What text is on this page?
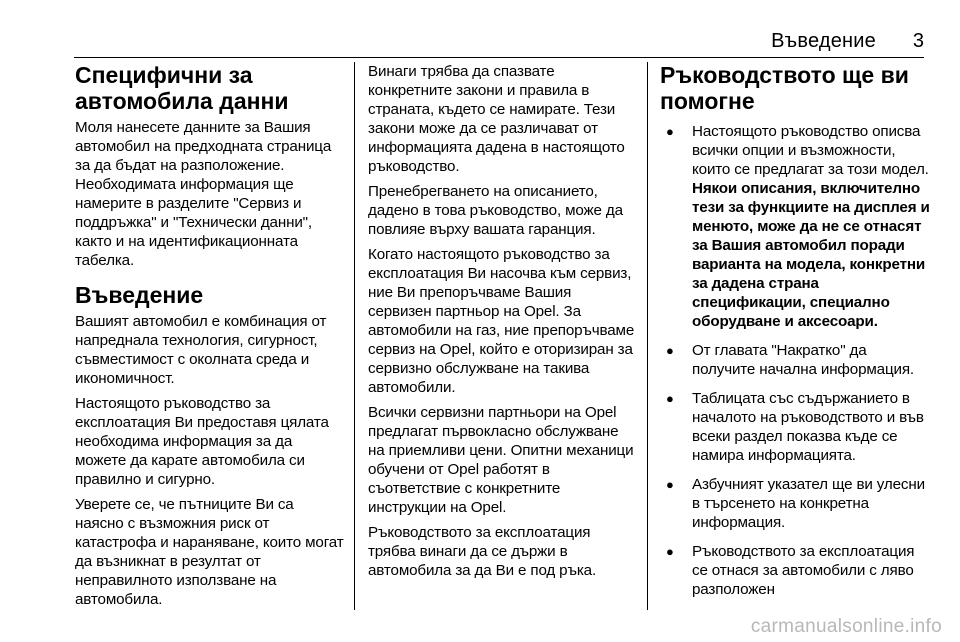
Въведение 3
Специфични за автомобила данни

Моля нанесете данните за Вашия автомобил на предходната страница за да бъдат на разположение. Необходимата информация ще намерите в разделите "Сервиз и поддръжка" и "Технически данни", както и на идентификационната табелка.

Въведение

Вашият автомобил е комбинация от напреднала технология, сигурност, съвместимост с околната среда и икономичност.

Настоящото ръководство за експлоатация Ви предоставя цялата необходима информация за да можете да карате автомобила си правилно и сигурно.

Уверете се, че пътниците Ви са наясно с възможния риск от катастрофа и нараняване, които могат да възникнат в резултат от неправилното използване на автомобила.

Винаги трябва да спазвате конкретните закони и правила в страната, където се намирате. Тези закони може да се различават от информацията дадена в настоящото ръководство.

Пренебрегването на описанието, дадено в това ръководство, може да повлияе върху вашата гаранция.

Когато настоящото ръководство за експлоатация Ви насочва към сервиз, ние Ви препоръчваме Вашия сервизен партньор на Opel. За автомобили на газ, ние препоръчваме сервиз на Opel, който е оторизиран за сервизно обслужване на такива автомобили.

Всички сервизни партньори на Opel предлагат първокласно обслужване на приемливи цени. Опитни механици обучени от Opel работят в съответствие с конкретните инструкции на Opel.

Ръководството за експлоатация трябва винаги да се държи в автомобила за да Ви е под ръка.

Ръководството ще ви помогне
● Настоящото ръководство описва всички опции и възможности, които се предлагат за този модел. Някои описания, включително тези за функциите на дисплея и менюто, може да не се отнасят за Вашия автомобил поради варианта на модела, конкретни за дадена страна спецификации, специално оборудване и аксесоари.
● От главата "Накратко" да получите начална информация.
● Таблицата със съдържанието в началото на ръководството и във всеки раздел показва къде се намира информацията.
● Азбучният указател ще ви улесни в търсенето на конкретна информация.
● Ръководството за експлоатация се отнася за автомобили с ляво разположен
carmanualsonline.info
